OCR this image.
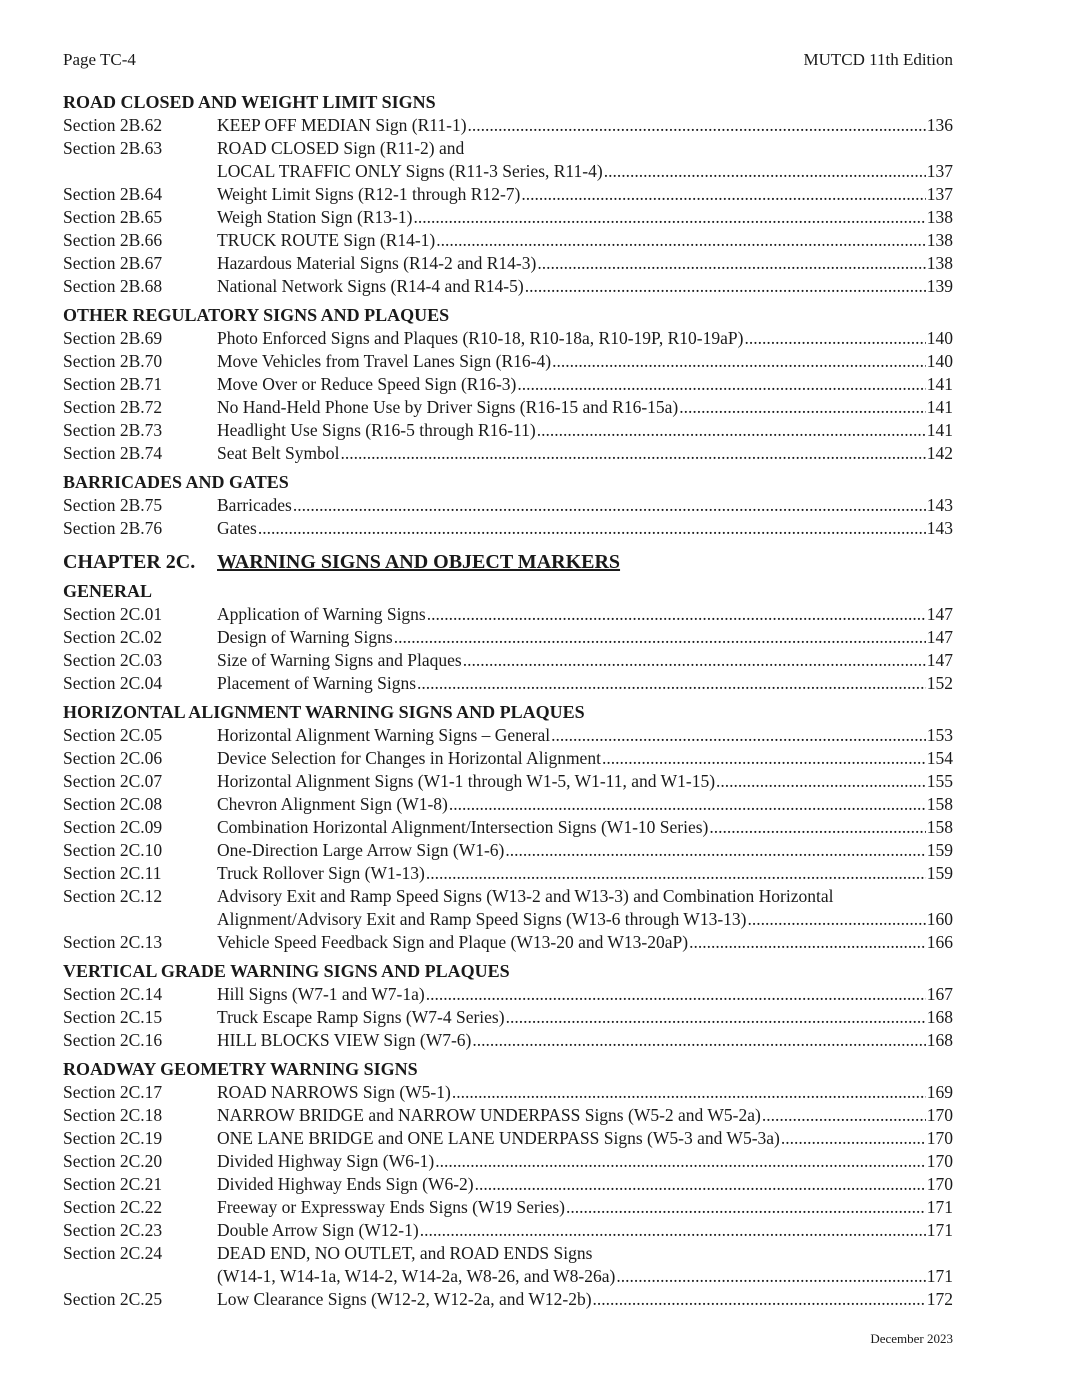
Page TC-4	MUTCD 11th Edition
ROAD CLOSED AND WEIGHT LIMIT SIGNS
Section 2B.62	KEEP OFF MEDIAN Sign (R11-1) .....	136
Section 2B.63	ROAD CLOSED Sign (R11-2) and
LOCAL TRAFFIC ONLY Signs (R11-3 Series, R11-4) .....	137
Section 2B.64	Weight Limit Signs (R12-1 through R12-7) .....	137
Section 2B.65	Weigh Station Sign (R13-1) .....	138
Section 2B.66	TRUCK ROUTE Sign (R14-1) .....	138
Section 2B.67	Hazardous Material Signs (R14-2 and R14-3) .....	138
Section 2B.68	National Network Signs (R14-4 and R14-5) .....	139
OTHER REGULATORY SIGNS AND PLAQUES
Section 2B.69	Photo Enforced Signs and Plaques (R10-18, R10-18a, R10-19P, R10-19aP) .....	140
Section 2B.70	Move Vehicles from Travel Lanes Sign (R16-4) .....	140
Section 2B.71	Move Over or Reduce Speed Sign (R16-3) .....	141
Section 2B.72	No Hand-Held Phone Use by Driver Signs (R16-15 and R16-15a) .....	141
Section 2B.73	Headlight Use Signs (R16-5 through R16-11) .....	141
Section 2B.74	Seat Belt Symbol .....	142
BARRICADES AND GATES
Section 2B.75	Barricades .....	143
Section 2B.76	Gates .....	143
CHAPTER 2C. WARNING SIGNS AND OBJECT MARKERS
GENERAL
Section 2C.01	Application of Warning Signs .....	147
Section 2C.02	Design of Warning Signs .....	147
Section 2C.03	Size of Warning Signs and Plaques .....	147
Section 2C.04	Placement of Warning Signs .....	152
HORIZONTAL ALIGNMENT WARNING SIGNS AND PLAQUES
Section 2C.05	Horizontal Alignment Warning Signs – General .....	153
Section 2C.06	Device Selection for Changes in Horizontal Alignment .....	154
Section 2C.07	Horizontal Alignment Signs (W1-1 through W1-5, W1-11, and W1-15) .....	155
Section 2C.08	Chevron Alignment Sign (W1-8) .....	158
Section 2C.09	Combination Horizontal Alignment/Intersection Signs (W1-10 Series) .....	158
Section 2C.10	One-Direction Large Arrow Sign (W1-6) .....	159
Section 2C.11	Truck Rollover Sign (W1-13) .....	159
Section 2C.12	Advisory Exit and Ramp Speed Signs (W13-2 and W13-3) and Combination Horizontal
Alignment/Advisory Exit and Ramp Speed Signs (W13-6 through W13-13) .....	160
Section 2C.13	Vehicle Speed Feedback Sign and Plaque (W13-20 and W13-20aP) .....	166
VERTICAL GRADE WARNING SIGNS AND PLAQUES
Section 2C.14	Hill Signs (W7-1 and W7-1a) .....	167
Section 2C.15	Truck Escape Ramp Signs (W7-4 Series) .....	168
Section 2C.16	HILL BLOCKS VIEW Sign (W7-6) .....	168
ROADWAY GEOMETRY WARNING SIGNS
Section 2C.17	ROAD NARROWS Sign (W5-1) .....	169
Section 2C.18	NARROW BRIDGE and NARROW UNDERPASS Signs (W5-2 and W5-2a) .....	170
Section 2C.19	ONE LANE BRIDGE and ONE LANE UNDERPASS Signs (W5-3 and W5-3a) .....	170
Section 2C.20	Divided Highway Sign (W6-1) .....	170
Section 2C.21	Divided Highway Ends Sign (W6-2) .....	170
Section 2C.22	Freeway or Expressway Ends Signs (W19 Series) .....	171
Section 2C.23	Double Arrow Sign (W12-1) .....	171
Section 2C.24	DEAD END, NO OUTLET, and ROAD ENDS Signs
(W14-1, W14-1a, W14-2, W14-2a, W8-26, and W8-26a) .....	171
Section 2C.25	Low Clearance Signs (W12-2, W12-2a, and W12-2b) .....	172
December 2023
